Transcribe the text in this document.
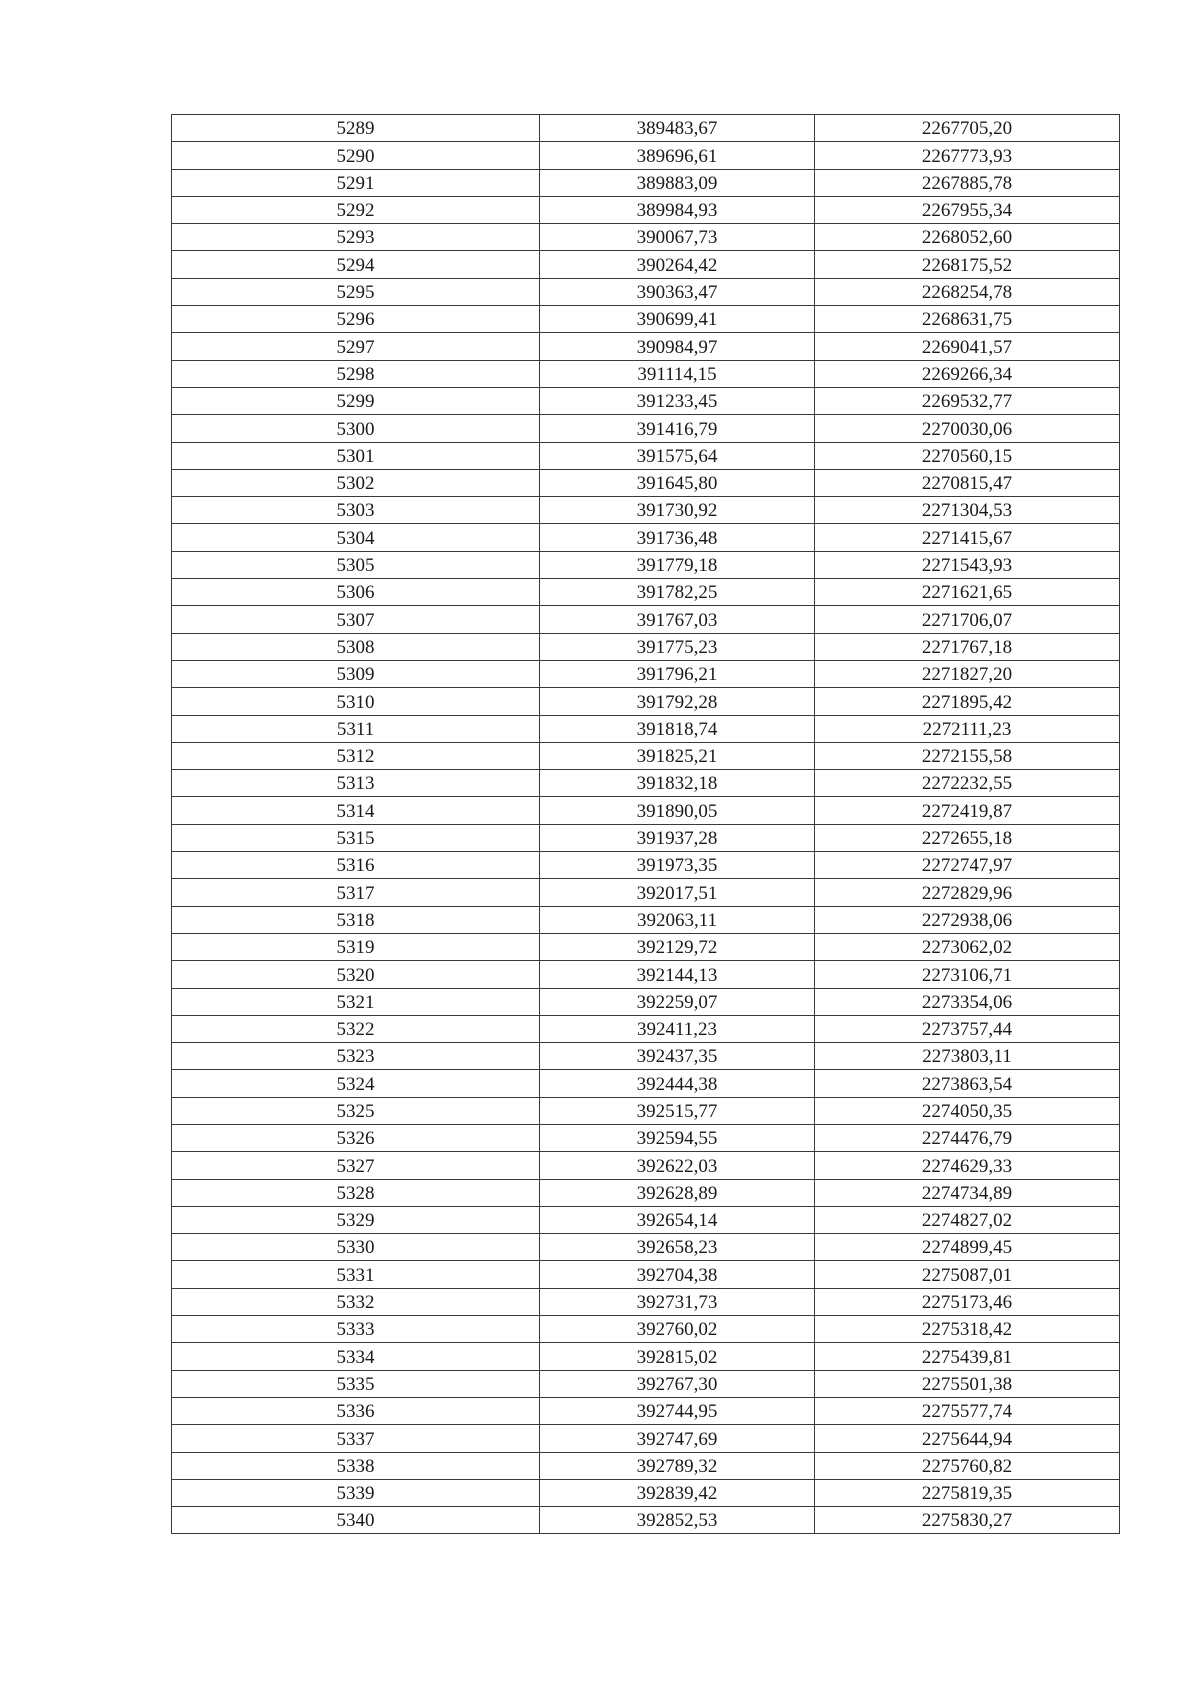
5289	389483,67	2267705,20
5290	389696,61	2267773,93
5291	389883,09	2267885,78
5292	389984,93	2267955,34
5293	390067,73	2268052,60
5294	390264,42	2268175,52
5295	390363,47	2268254,78
5296	390699,41	2268631,75
5297	390984,97	2269041,57
5298	391114,15	2269266,34
5299	391233,45	2269532,77
5300	391416,79	2270030,06
5301	391575,64	2270560,15
5302	391645,80	2270815,47
5303	391730,92	2271304,53
5304	391736,48	2271415,67
5305	391779,18	2271543,93
5306	391782,25	2271621,65
5307	391767,03	2271706,07
5308	391775,23	2271767,18
5309	391796,21	2271827,20
5310	391792,28	2271895,42
5311	391818,74	2272111,23
5312	391825,21	2272155,58
5313	391832,18	2272232,55
5314	391890,05	2272419,87
5315	391937,28	2272655,18
5316	391973,35	2272747,97
5317	392017,51	2272829,96
5318	392063,11	2272938,06
5319	392129,72	2273062,02
5320	392144,13	2273106,71
5321	392259,07	2273354,06
5322	392411,23	2273757,44
5323	392437,35	2273803,11
5324	392444,38	2273863,54
5325	392515,77	2274050,35
5326	392594,55	2274476,79
5327	392622,03	2274629,33
5328	392628,89	2274734,89
5329	392654,14	2274827,02
5330	392658,23	2274899,45
5331	392704,38	2275087,01
5332	392731,73	2275173,46
5333	392760,02	2275318,42
5334	392815,02	2275439,81
5335	392767,30	2275501,38
5336	392744,95	2275577,74
5337	392747,69	2275644,94
5338	392789,32	2275760,82
5339	392839,42	2275819,35
5340	392852,53	2275830,27
